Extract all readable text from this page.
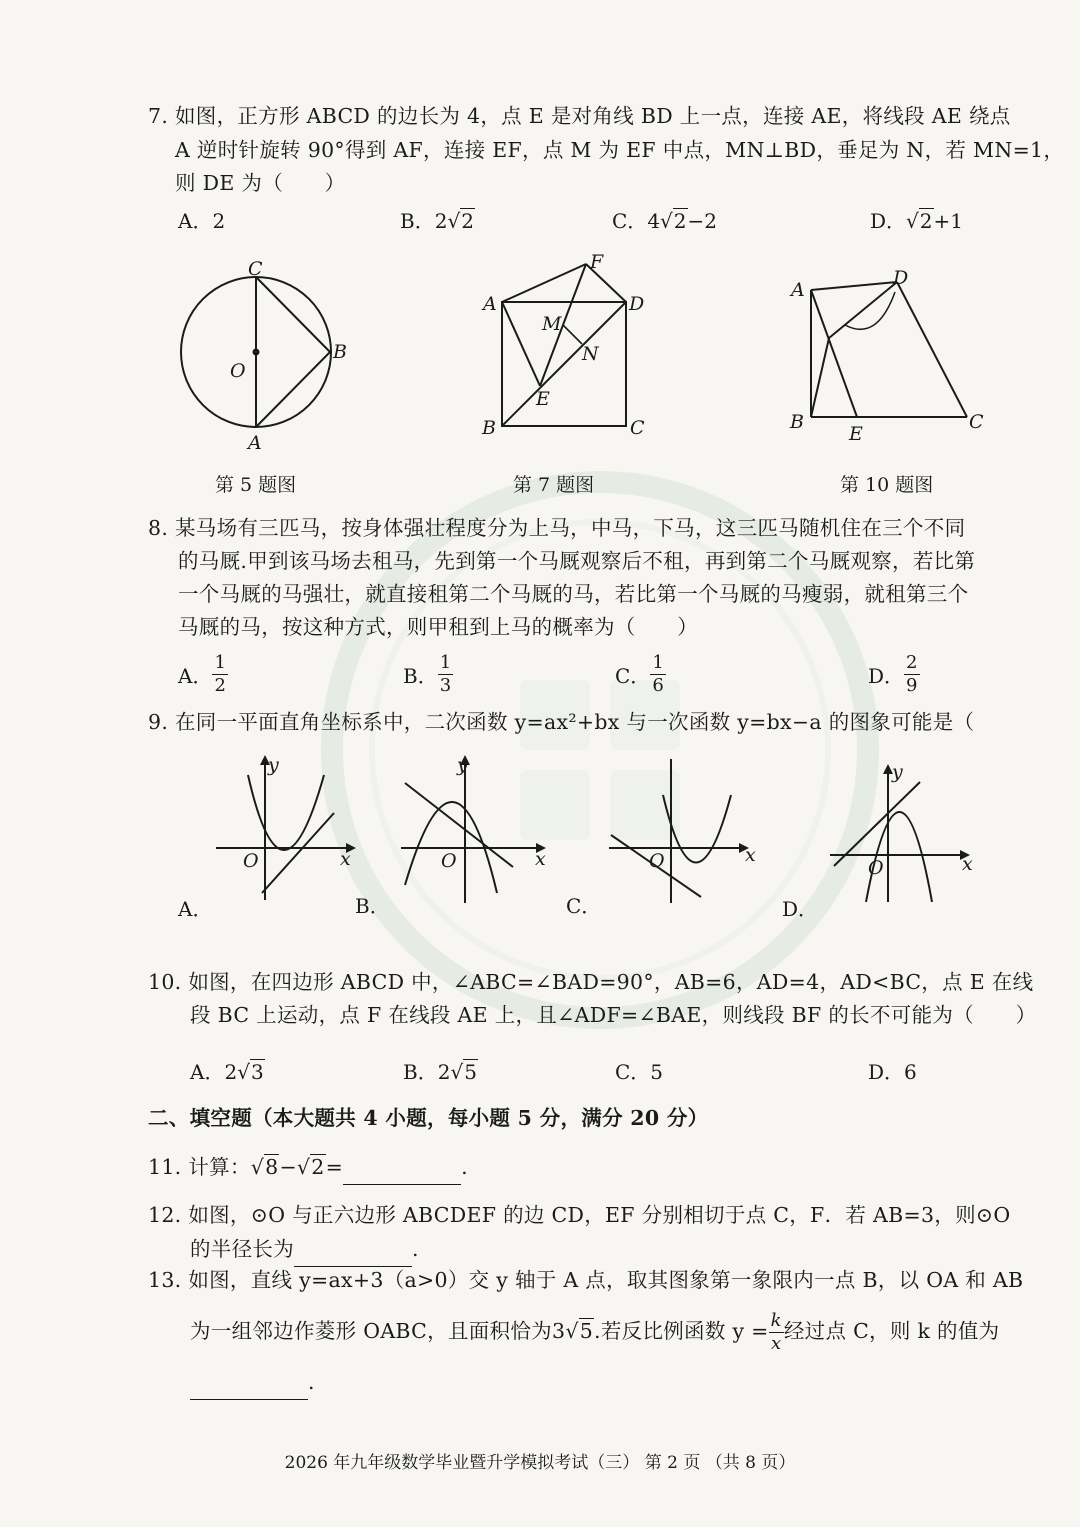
7. 如图，正方形 ABCD 的边长为 4，点 E 是对角线 BD 上一点，连接 AE，将线段 AE 绕点
A 逆时针旋转 90°得到 AF，连接 EF，点 M 为 EF 中点，MN⊥BD，垂足为 N，若 MN=1，
则 DE 为（　　）
A．2	B．2√2	C．4√2−2	D．√2+1
C
O
B
A
F
A	D
M
N
E
B	C
A
D
B
E
C
第 5 题图	第 7 题图	第 10 题图
8. 某马场有三匹马，按身体强壮程度分为上马，中马，下马，这三匹马随机住在三个不同
的马厩.甲到该马场去租马，先到第一个马厩观察后不租，再到第二个马厩观察，若比第
一个马厩的马强壮，就直接租第二个马厩的马，若比第一个马厩的马瘦弱，就租第三个
马厩的马，按这种方式，则甲租到上马的概率为（　　）
A． $\frac{1}{2}$	B． $\frac{1}{3}$	C． $\frac{1}{6}$	D． $\frac{2}{9}$
9. 在同一平面直角坐标系中，二次函数 y=ax²+bx 与一次函数 y=bx−a 的图象可能是（
y
x
O
y
x
O	x
O
y
x
O
A．	B．	C．	D．
10. 如图，在四边形 ABCD 中，∠ABC=∠BAD=90°，AB=6，AD=4，AD<BC，点 E 在线
段 BC 上运动，点 F 在线段 AE 上，且∠ADF=∠BAE，则线段 BF 的长不可能为（　　）
A．2√3	B．2√5	C．5	D．6
二、填空题（本大题共 4 小题，每小题 5 分，满分 20 分）
11. 计算：√8−√2=	.
12. 如图，⊙O 与正六边形 ABCDEF 的边 CD，EF 分别相切于点 C，F．若 AB=3，则⊙O
的半径长为	.
13. 如图，直线 y=ax+3（a>0）交 y 轴于 A 点，取其图象第一象限内一点 B，以 OA 和 AB
为一组邻边作菱形 OABC，且面积恰为3√5.若反比例函数 $y = \frac{k}{x}$ 经过点 C，则 k 的值为
.
2026 年九年级数学毕业暨升学模拟考试（三） 第 2 页 （共 8 页）
